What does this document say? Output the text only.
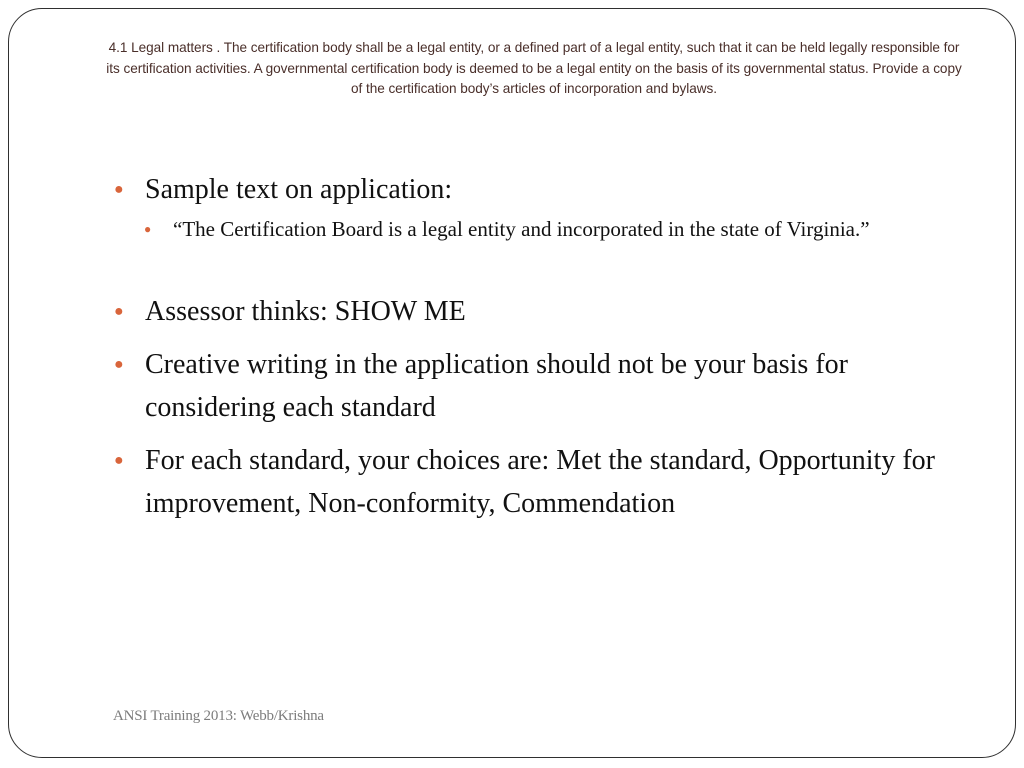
4.1 Legal matters . The certification body shall be a legal entity, or a defined part of a legal entity, such that it can be held legally responsible for its certification activities. A governmental certification body is deemed to be a legal entity on the basis of its governmental status. Provide a copy of the certification body’s articles of incorporation and bylaws.

● Sample text on application:
● “The Certification Board is a legal entity and incorporated in the state of Virginia.”
● Assessor thinks: SHOW ME
● Creative writing in the application should not be your basis for considering each standard
● For each standard, your choices are: Met the standard, Opportunity for improvement, Non-conformity, Commendation
ANSI Training 2013: Webb/Krishna
